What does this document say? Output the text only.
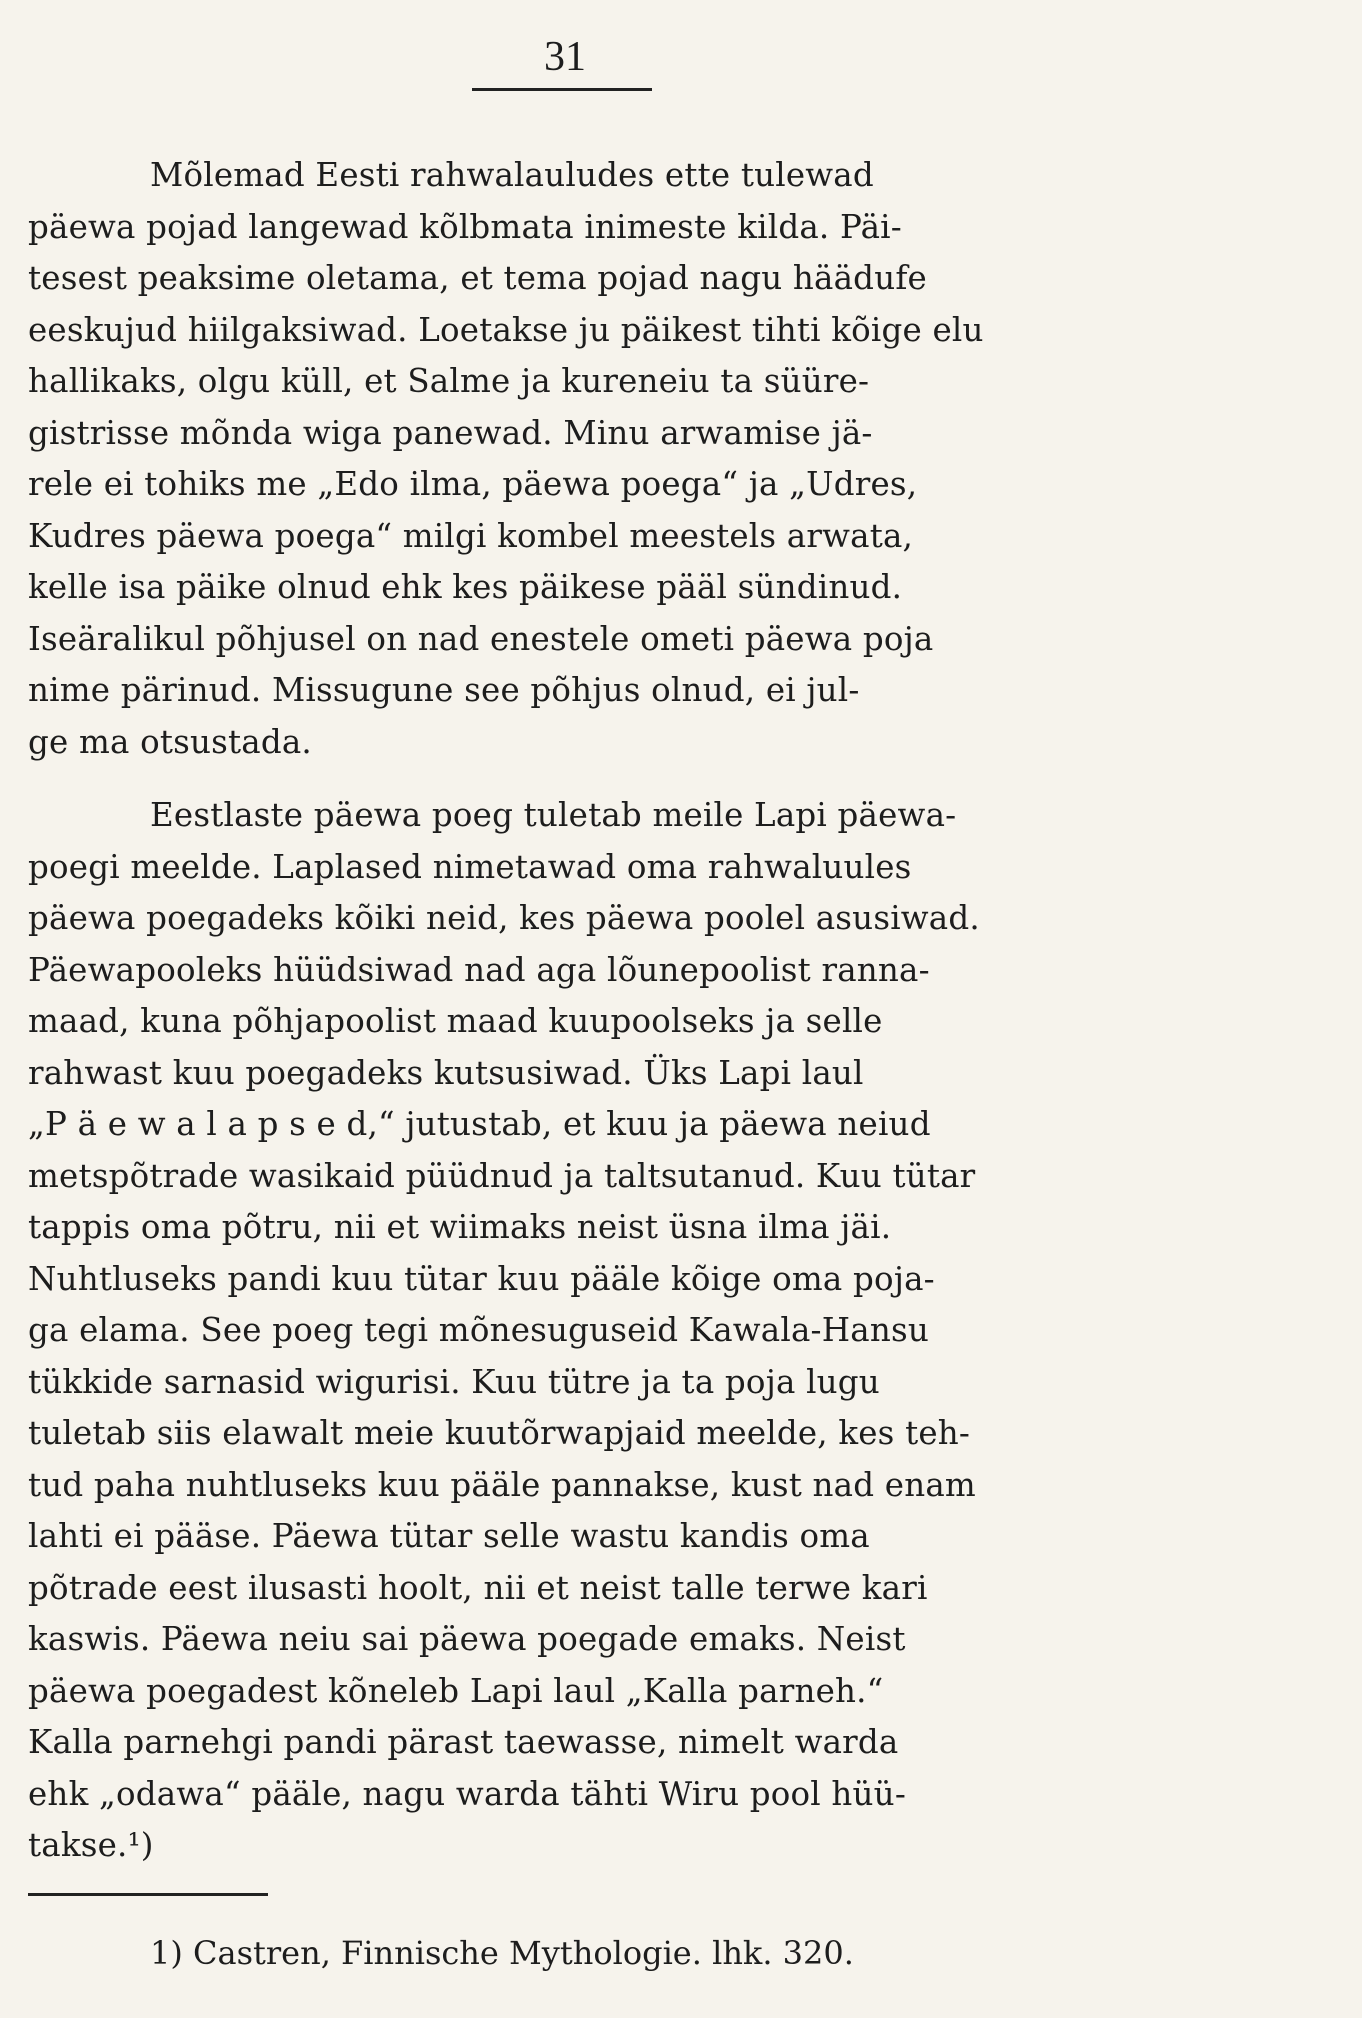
31

Mõlemad Eesti rahwalauludes ette tulewad
päewa pojad langewad kõlbmata inimeste kilda. Päi-
tesest peaksime oletama, et tema pojad nagu häädufe
eeskujud hiilgaksiwad. Loetakse ju päikest tihti kõige elu
hallikaks, olgu küll, et Salme ja kureneiu ta süüre-
gistrisse mõnda wiga panewad. Minu arwamise jä-
rele ei tohiks me „Edo ilma, päewa poega“ ja „Udres,
Kudres päewa poega“ milgi kombel meestels arwata,
kelle isa päike olnud ehk kes päikese pääl sündinud.
Iseäralikul põhjusel on nad enestele ometi päewa poja
nime pärinud. Missugune see põhjus olnud, ei jul-
ge ma otsustada.

Eestlaste päewa poeg tuletab meile Lapi päewa-
poegi meelde. Laplased nimetawad oma rahwaluules
päewa poegadeks kõiki neid, kes päewa poolel asusiwad.
Päewapooleks hüüdsiwad nad aga lõunepoolist ranna-
maad, kuna põhjapoolist maad kuupoolseks ja selle
rahwast kuu poegadeks kutsusiwad. Üks Lapi laul
„P ä e w a l a p s e d,“ jutustab, et kuu ja päewa neiud
metspõtrade wasikaid püüdnud ja taltsutanud. Kuu tütar
tappis oma põtru, nii et wiimaks neist üsna ilma jäi.
Nuhtluseks pandi kuu tütar kuu pääle kõige oma poja-
ga elama. See poeg tegi mõnesuguseid Kawala-Hansu
tükkide sarnasid wigurisi. Kuu tütre ja ta poja lugu
tuletab siis elawalt meie kuutõrwapjaid meelde, kes teh-
tud paha nuhtluseks kuu pääle pannakse, kust nad enam
lahti ei pääse. Päewa tütar selle wastu kandis oma
põtrade eest ilusasti hoolt, nii et neist talle terwe kari
kaswis. Päewa neiu sai päewa poegade emaks. Neist
päewa poegadest kõneleb Lapi laul „Kalla parneh.“
Kalla parnehgi pandi pärast taewasse, nimelt warda
ehk „odawa“ pääle, nagu warda tähti Wiru pool hüü-
takse.¹)

1) Castren, Finnische Mythologie. lhk. 320.
